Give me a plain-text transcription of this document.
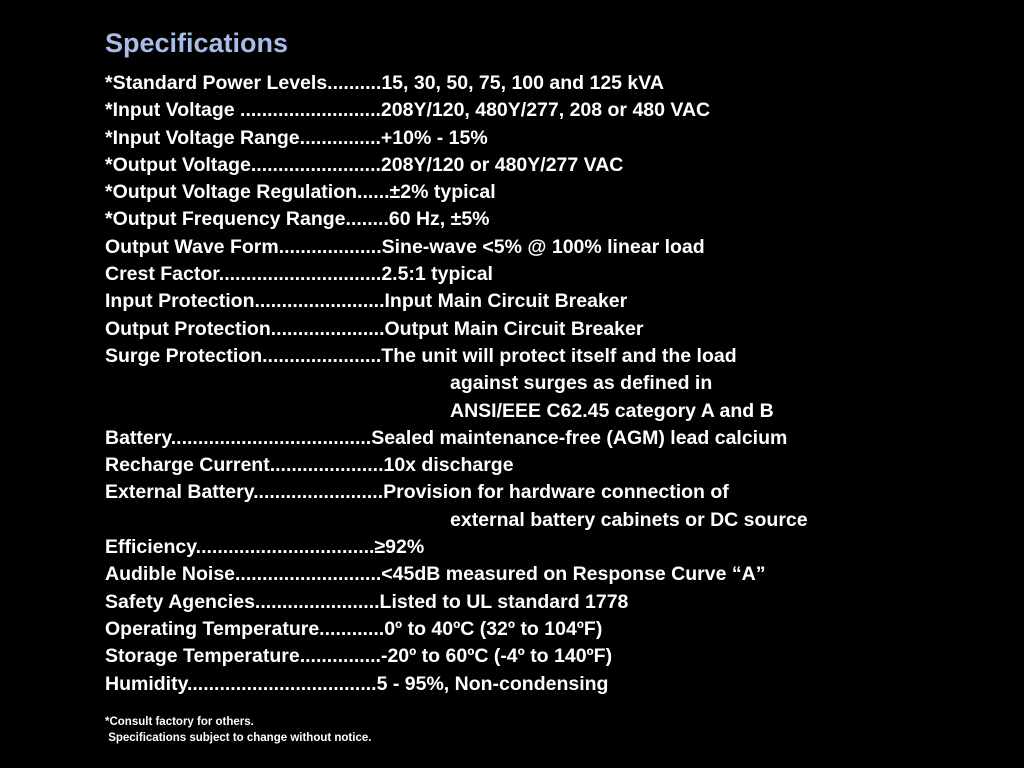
Specifications
*Standard Power Levels..........15, 30, 50, 75, 100 and 125 kVA
*Input Voltage ..........................208Y/120, 480Y/277, 208 or 480 VAC
*Input Voltage Range...............+10% - 15%
*Output Voltage........................208Y/120 or 480Y/277 VAC
*Output Voltage Regulation......±2% typical
*Output Frequency Range........60 Hz, ±5%
Output Wave Form...................Sine-wave <5% @ 100% linear load
Crest Factor..............................2.5:1 typical
Input Protection........................Input Main Circuit Breaker
Output Protection.....................Output Main Circuit Breaker
Surge Protection......................The unit will protect itself and the load
against surges as defined in
ANSI/EEE C62.45 category A and B
Battery.....................................Sealed maintenance-free (AGM) lead calcium
Recharge Current.....................10x discharge
External Battery........................Provision for hardware connection of
external battery cabinets or DC source
Efficiency.................................≥92%
Audible Noise...........................<45dB measured on Response Curve “A”
Safety Agencies.......................Listed to UL standard 1778
Operating Temperature............0º to 40ºC (32º to 104ºF)
Storage Temperature...............-20º to 60ºC (-4º to 140ºF)
Humidity...................................5 - 95%, Non-condensing
*Consult factory for others.
Specifications subject to change without notice.
